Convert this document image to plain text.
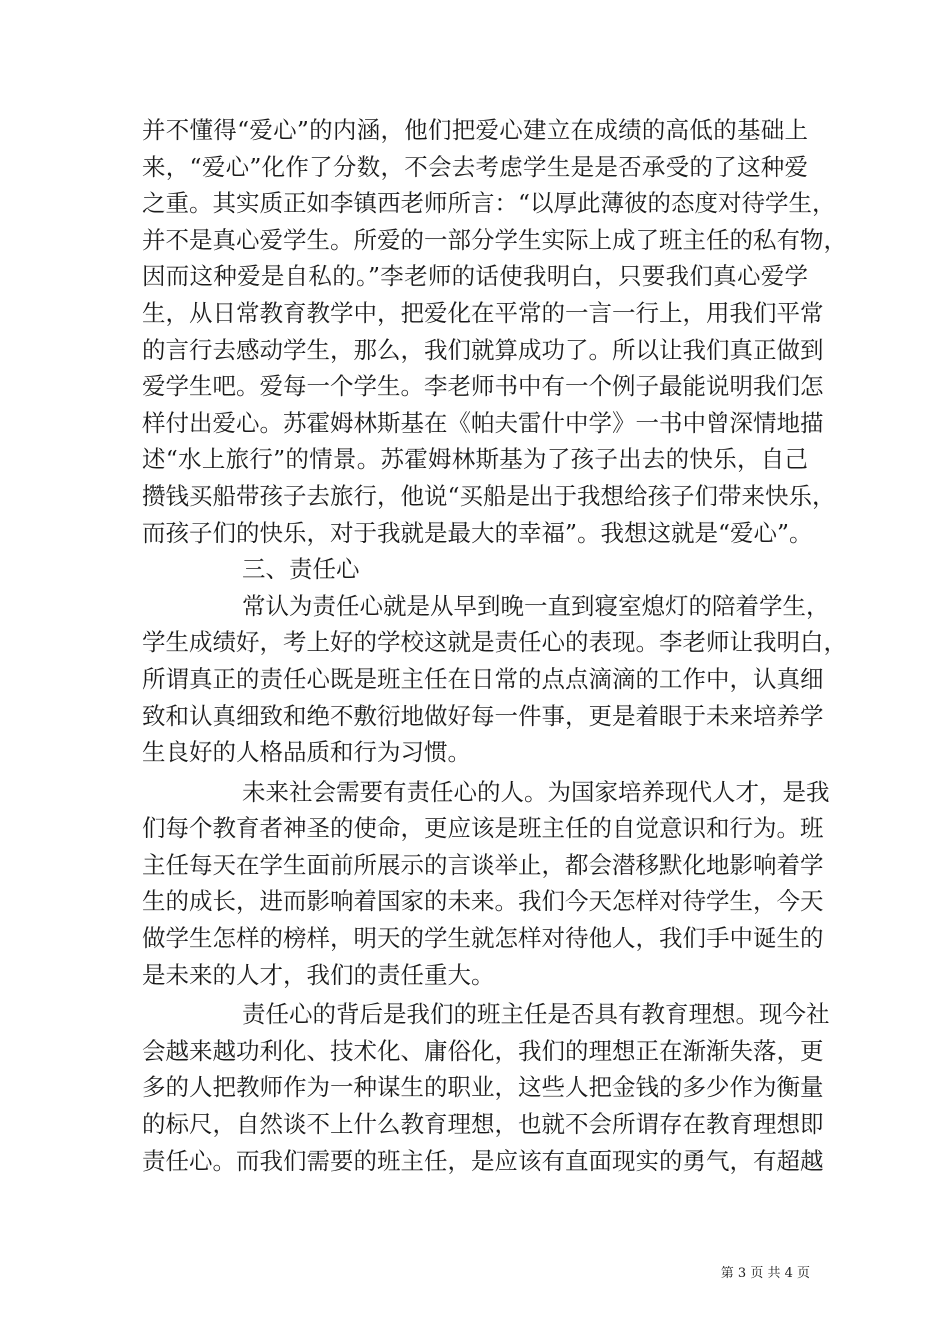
并不懂得“爱心”的内涵，他们把爱心建立在成绩的高低的基础上
来，“爱心”化作了分数，不会去考虑学生是是否承受的了这种爱
之重。其实质正如李镇西老师所言：“以厚此薄彼的态度对待学生，
并不是真心爱学生。所爱的一部分学生实际上成了班主任的私有物，
因而这种爱是自私的。”李老师的话使我明白，只要我们真心爱学
生，从日常教育教学中，把爱化在平常的一言一行上，用我们平常
的言行去感动学生，那么，我们就算成功了。所以让我们真正做到
爱学生吧。爱每一个学生。李老师书中有一个例子最能说明我们怎
样付出爱心。苏霍姆林斯基在《帕夫雷什中学》一书中曾深情地描
述“水上旅行”的情景。苏霍姆林斯基为了孩子出去的快乐，自己
攒钱买船带孩子去旅行，他说“买船是出于我想给孩子们带来快乐，
而孩子们的快乐，对于我就是最大的幸福”。我想这就是“爱心”。
三、责任心
常认为责任心就是从早到晚一直到寝室熄灯的陪着学生，
学生成绩好，考上好的学校这就是责任心的表现。李老师让我明白，
所谓真正的责任心既是班主任在日常的点点滴滴的工作中，认真细
致和认真细致和绝不敷衍地做好每一件事，更是着眼于未来培养学
生良好的人格品质和行为习惯。
未来社会需要有责任心的人。为国家培养现代人才，是我
们每个教育者神圣的使命，更应该是班主任的自觉意识和行为。班
主任每天在学生面前所展示的言谈举止，都会潜移默化地影响着学
生的成长，进而影响着国家的未来。我们今天怎样对待学生，今天
做学生怎样的榜样，明天的学生就怎样对待他人，我们手中诞生的
是未来的人才，我们的责任重大。
责任心的背后是我们的班主任是否具有教育理想。现今社
会越来越功利化、技术化、庸俗化，我们的理想正在渐渐失落，更
多的人把教师作为一种谋生的职业，这些人把金钱的多少作为衡量
的标尺，自然谈不上什么教育理想，也就不会所谓存在教育理想即
责任心。而我们需要的班主任，是应该有直面现实的勇气，有超越
第 3 页 共 4 页
